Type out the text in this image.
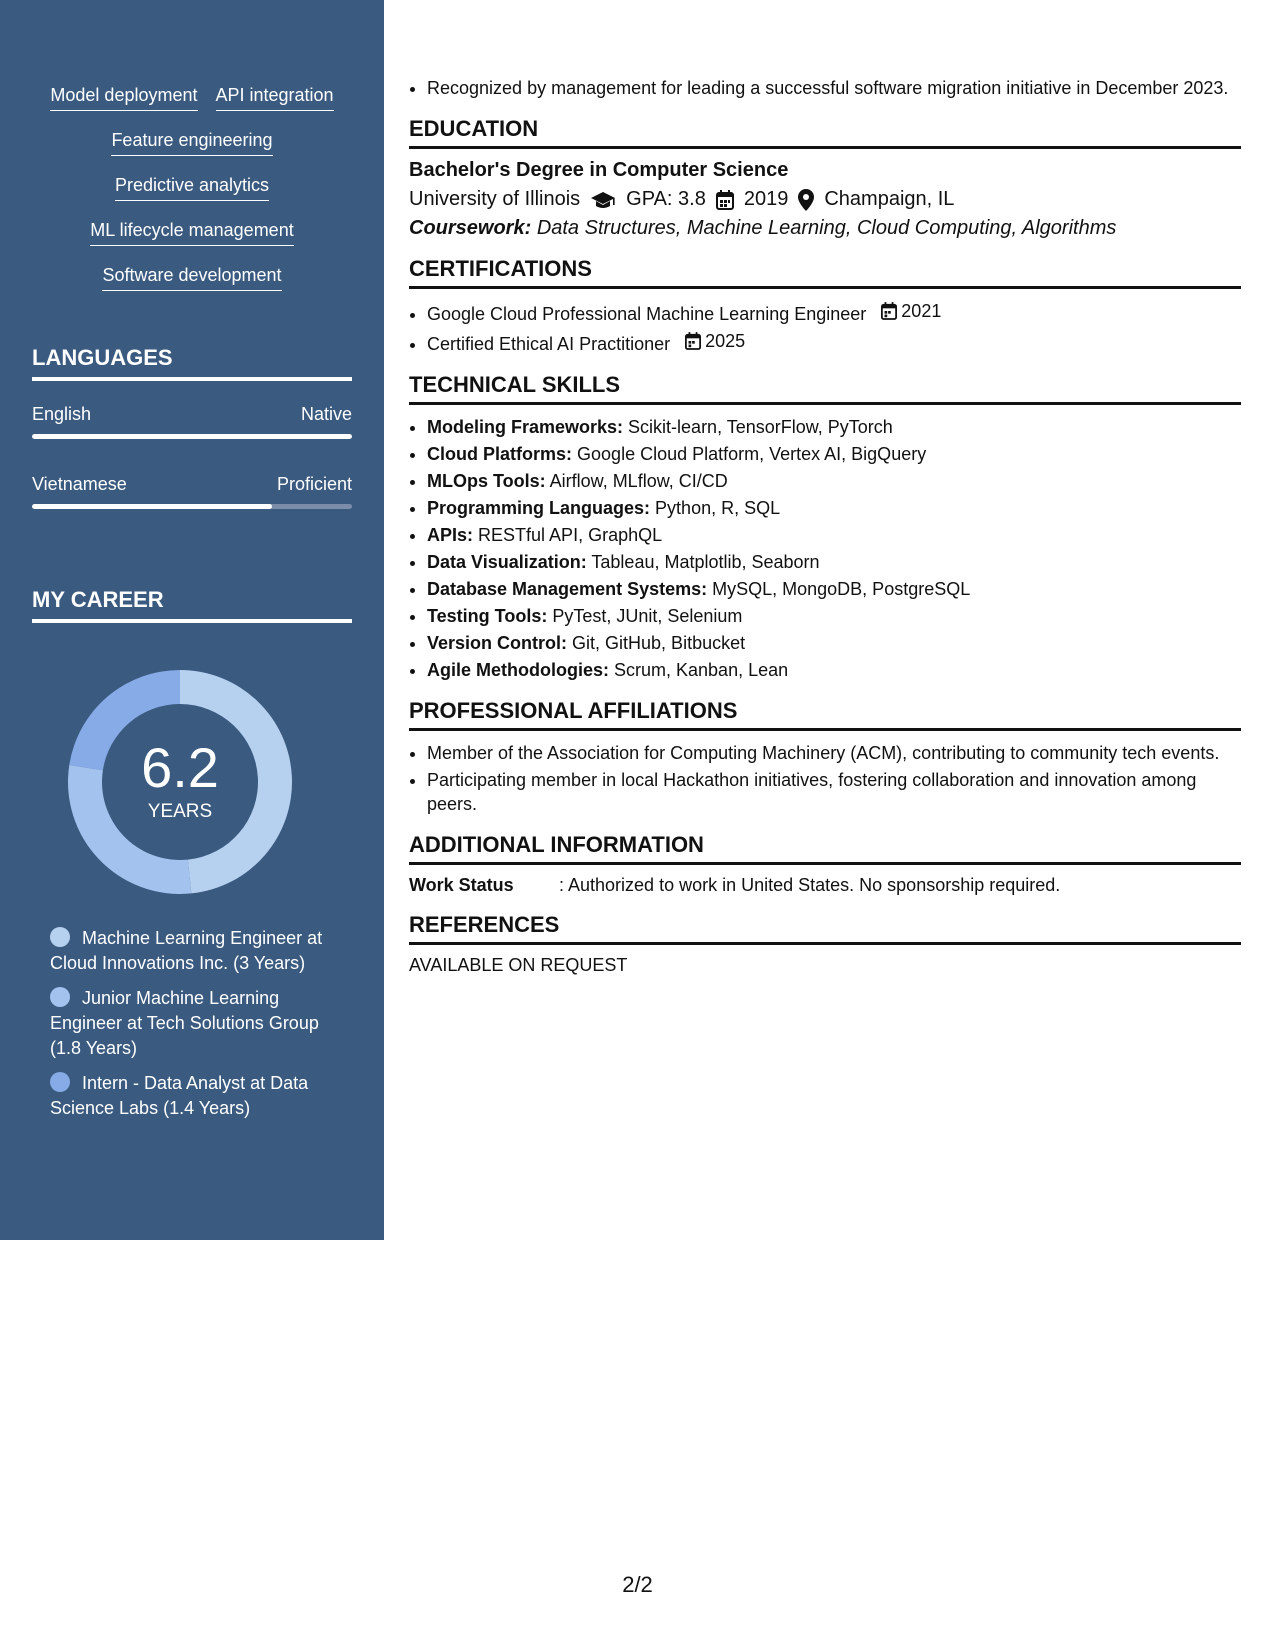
Model deployment API integration
Feature engineering
Predictive analytics
ML lifecycle management
Software development
LANGUAGES
English	Native
Vietnamese	Proficient
MY CAREER
6.2
YEARS
Machine Learning Engineer at Cloud Innovations Inc. (3 Years)
Junior Machine Learning Engineer at Tech Solutions Group (1.8 Years)
Intern - Data Analyst at Data Science Labs (1.4 Years)
• Recognized by management for leading a successful software migration initiative in December 2023.
EDUCATION
Bachelor's Degree in Computer Science
University of Illinois GPA: 3.8 2019 Champaign, IL
Coursework: Data Structures, Machine Learning, Cloud Computing, Algorithms
CERTIFICATIONS
• Google Cloud Professional Machine Learning Engineer 2021
• Certified Ethical AI Practitioner 2025
TECHNICAL SKILLS
• Modeling Frameworks: Scikit-learn, TensorFlow, PyTorch
• Cloud Platforms: Google Cloud Platform, Vertex AI, BigQuery
• MLOps Tools: Airflow, MLflow, CI/CD
• Programming Languages: Python, R, SQL
• APIs: RESTful API, GraphQL
• Data Visualization: Tableau, Matplotlib, Seaborn
• Database Management Systems: MySQL, MongoDB, PostgreSQL
• Testing Tools: PyTest, JUnit, Selenium
• Version Control: Git, GitHub, Bitbucket
• Agile Methodologies: Scrum, Kanban, Lean
PROFESSIONAL AFFILIATIONS
• Member of the Association for Computing Machinery (ACM), contributing to community tech events.
• Participating member in local Hackathon initiatives, fostering collaboration and innovation among peers.
ADDITIONAL INFORMATION
Work Status	: Authorized to work in United States. No sponsorship required.
REFERENCES
AVAILABLE ON REQUEST
2/2
